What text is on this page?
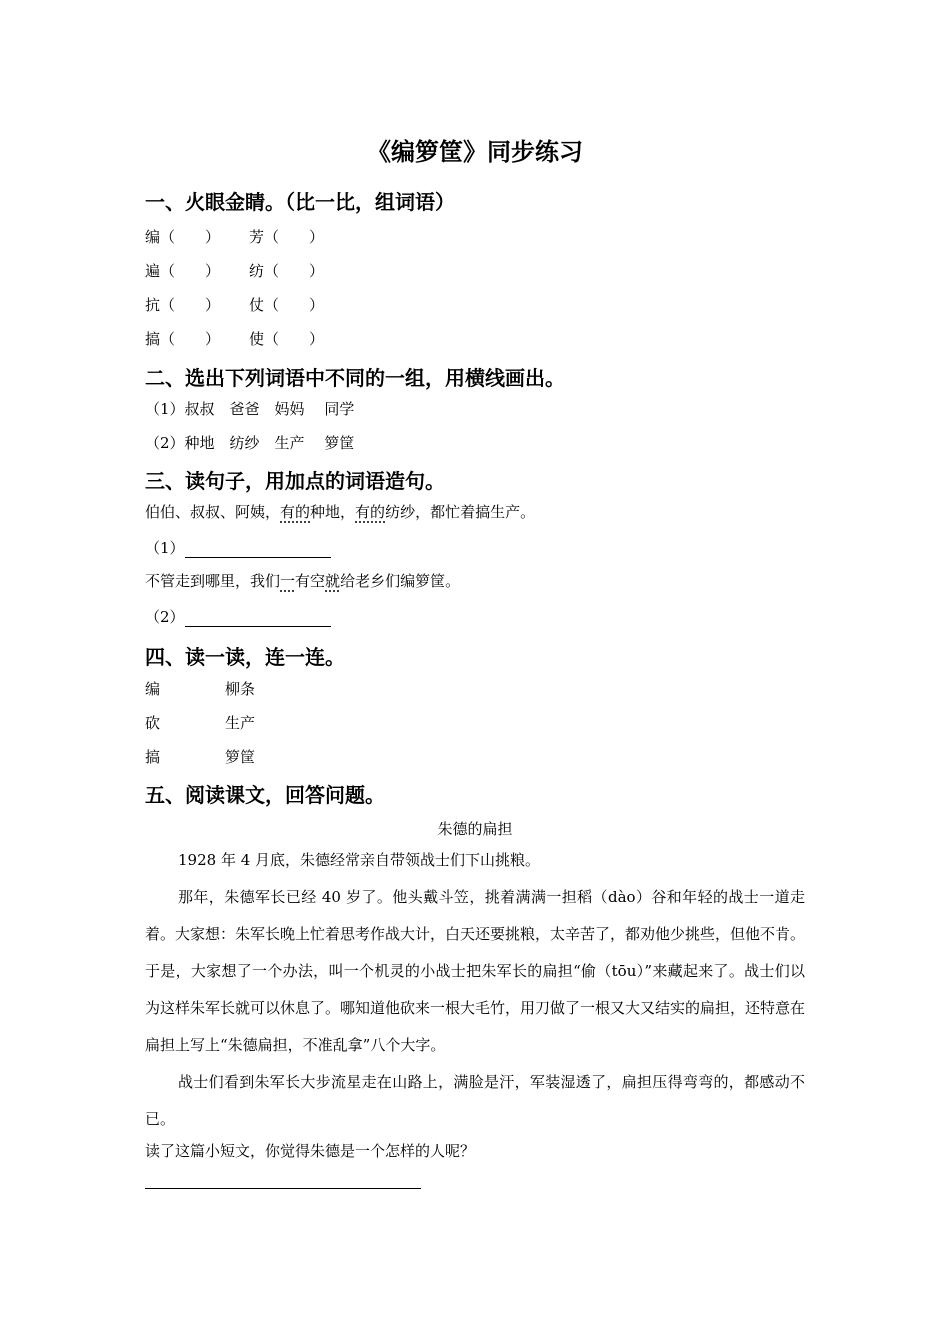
《编箩筐》同步练习
一、火眼金睛。（比一比，组词语）
编（　　） 芳（　　）
遍（　　） 纺（　　）
抗（　　） 仗（　　）
搞（　　） 使（　　）
二、选出下列词语中不同的一组，用横线画出。
（1）叔叔　爸爸　妈妈　 同学
（2）种地　纺纱　生产　 箩筐
三、读句子，用加点的词语造句。
伯伯、叔叔、阿姨，有的种地，有的纺纱，都忙着搞生产。
（1）
不管走到哪里，我们一有空就给老乡们编箩筐。
（2）
四、读一读，连一连。
编	柳条
砍	生产
搞	箩筐
五、阅读课文，回答问题。
朱德的扁担

1928 年 4 月底，朱德经常亲自带领战士们下山挑粮。

那年，朱德军长已经 40 岁了。他头戴斗笠，挑着满满一担稻（dào）谷和年轻的战士一道走着。大家想：朱军长晚上忙着思考作战大计，白天还要挑粮，太辛苦了，都劝他少挑些，但他不肯。于是，大家想了一个办法，叫一个机灵的小战士把朱军长的扁担“偷（tōu）”来藏起来了。战士们以为这样朱军长就可以休息了。哪知道他砍来一根大毛竹，用刀做了一根又大又结实的扁担，还特意在扁担上写上“朱德扁担，不准乱拿”八个大字。

战士们看到朱军长大步流星走在山路上，满脸是汗，军装湿透了，扁担压得弯弯的，都感动不已。

读了这篇小短文，你觉得朱德是一个怎样的人呢？
